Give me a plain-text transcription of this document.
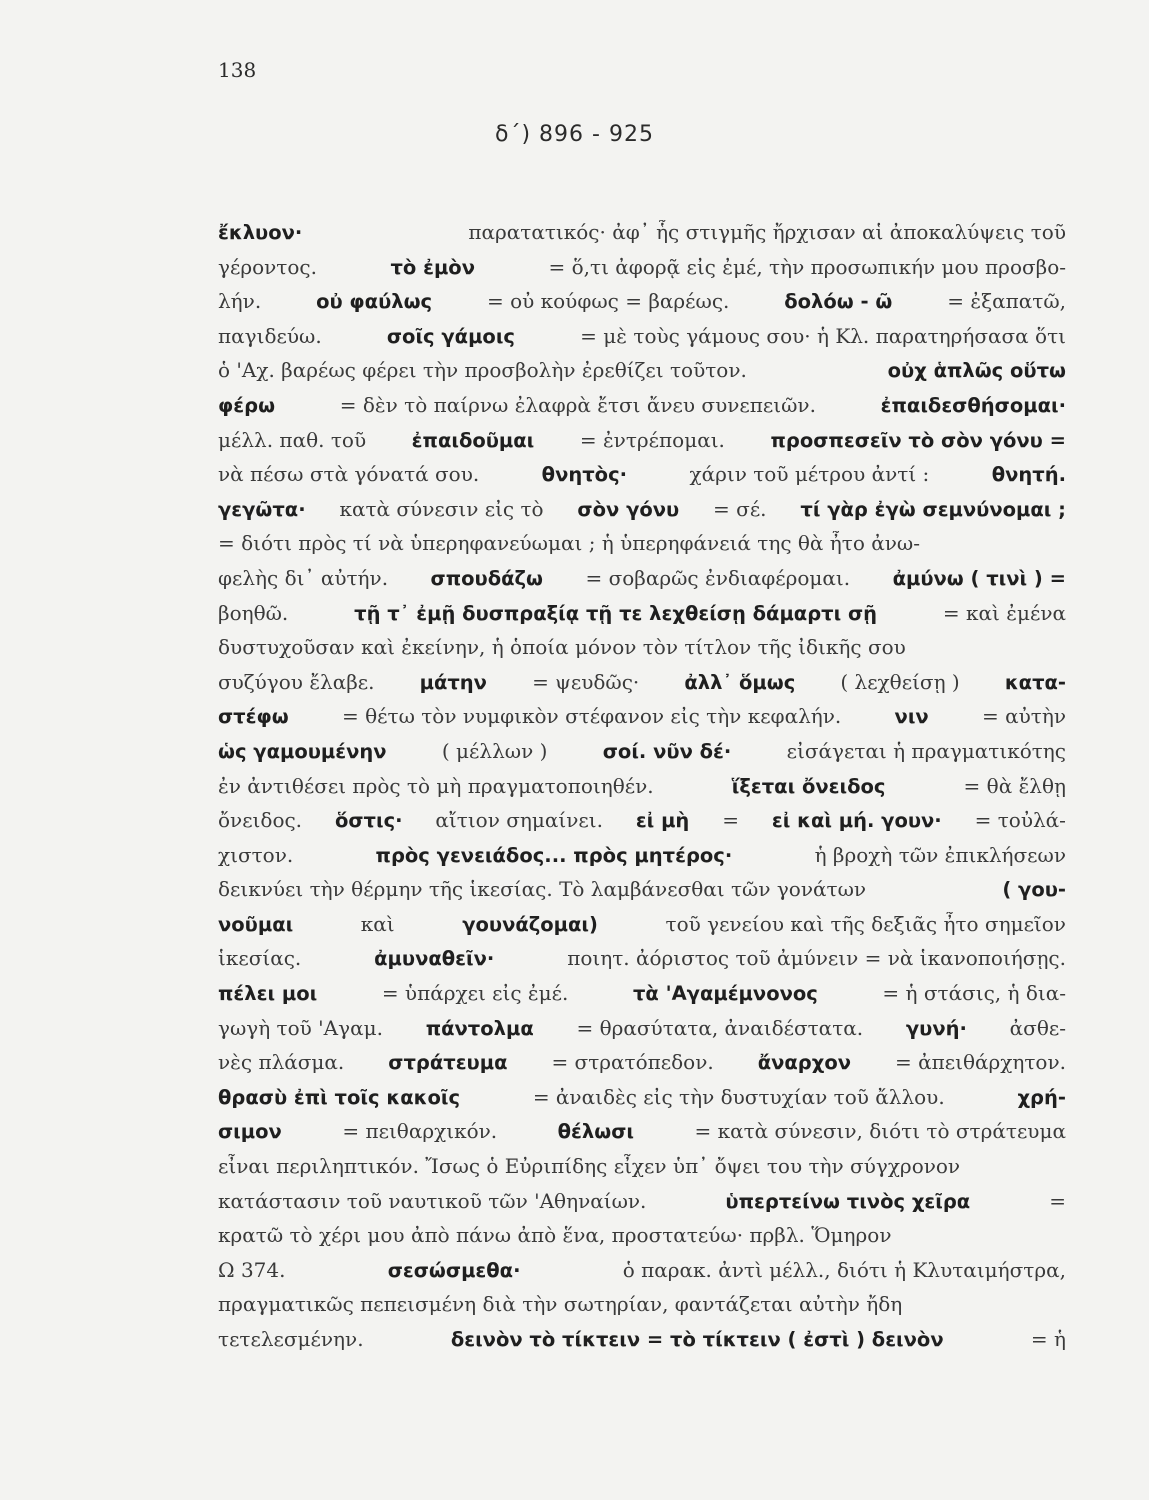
138
δ΄) 896 - 925
ἔκλυον·	παρατατικός· ἀφ᾽ ἧς στιγμῆς ἤρχισαν αἱ ἀποκαλύψεις τοῦ
γέροντος.	τὸ ἐμὸν	= ὅ,τι ἀφορᾷ εἰς ἐμέ, τὴν προσωπικήν μου προσβο-
λήν.	οὐ φαύλως	= οὐ κούφως = βαρέως.	δολόω - ῶ	= ἐξαπατῶ,
παγιδεύω.	σοῖς γάμοις	= μὲ τοὺς γάμους σου· ἡ Κλ. παρατηρήσασα ὅτι
ὁ 'Αχ. βαρέως φέρει τὴν προσβολὴν ἐρεθίζει τοῦτον.	οὐχ ἁπλῶς οὕτω
φέρω	= δὲν τὸ παίρνω ἐλαφρὰ ἔτσι ἄνευ συνεπειῶν.	ἐπαιδεσθήσομαι·
μέλλ. παθ. τοῦ ἐπαιδοῦμαι = ἐντρέπομαι. προσπεσεῖν τὸ σὸν γόνυ =
νὰ πέσω στὰ γόνατά σου.	θνητὸς·	χάριν τοῦ μέτρου ἀντί :	θνητή.
γεγῶτα· κατὰ σύνεσιν εἰς τὸ σὸν γόνυ = σέ. τί γὰρ ἐγὼ σεμνύνομαι ;
= διότι πρὸς τί νὰ ὑπερηφανεύωμαι ; ἡ ὑπερηφάνειά της θὰ ἦτο ἀνω-
φελὴς δι᾽ αὐτήν. σπουδάζω = σοβαρῶς ἐνδιαφέρομαι. ἀμύνω ( τινὶ ) =
βοηθῶ.	τῇ τ᾽ ἐμῇ δυσπραξίᾳ τῇ τε λεχθείσῃ δάμαρτι σῇ	= καὶ ἐμένα
δυστυχοῦσαν καὶ ἐκείνην, ἡ ὁποία μόνον τὸν τίτλον τῆς ἰδικῆς σου
συζύγου ἔλαβε. μάτην = ψευδῶς· ἀλλ᾽ ὅμως ( λεχθείσῃ ) κατα-
στέφω	= θέτω τὸν νυμφικὸν στέφανον εἰς τὴν κεφαλήν.	νιν	= αὐτὴν
ὡς γαμουμένην	( μέλλων )	σοί. νῦν δέ·	εἰσάγεται ἡ πραγματικότης
ἐν ἀντιθέσει πρὸς τὸ μὴ πραγματοποιηθέν.	ἵξεται ὄνειδος	= θὰ ἔλθῃ
ὄνειδος. ὅστις· αἴτιον σημαίνει. εἰ μὴ = εἰ καὶ μή. γουν· = τοὐλά-
χιστον.	πρὸς γενειάδος... πρὸς μητέρος·	ἡ βροχὴ τῶν ἐπικλήσεων
δεικνύει τὴν θέρμην τῆς ἱκεσίας. Τὸ λαμβάνεσθαι τῶν γονάτων	( γου-
νοῦμαι	καὶ	γουνάζομαι)	τοῦ γενείου καὶ τῆς δεξιᾶς ἦτο σημεῖον
ἱκεσίας.	ἀμυναθεῖν·	ποιητ. ἀόριστος τοῦ ἀμύνειν = νὰ ἱκανοποιήσῃς.
πέλει μοι	= ὑπάρχει εἰς ἐμέ.	τὰ 'Αγαμέμνονος	= ἡ στάσις, ἡ δια-
γωγὴ τοῦ 'Αγαμ. πάντολμα = θρασύτατα, ἀναιδέστατα. γυνή· ἀσθε-
νὲς πλάσμα. στράτευμα = στρατόπεδον. ἄναρχον = ἀπειθάρχητον.
θρασὺ ἐπὶ τοῖς κακοῖς	= ἀναιδὲς εἰς τὴν δυστυχίαν τοῦ ἄλλου.	χρή-
σιμον	= πειθαρχικόν.	θέλωσι	= κατὰ σύνεσιν, διότι τὸ στράτευμα
εἶναι περιληπτικόν. Ἴσως ὁ Εὐριπίδης εἶχεν ὑπ᾽ ὄψει του τὴν σύγχρονον
κατάστασιν τοῦ ναυτικοῦ τῶν 'Αθηναίων.	ὑπερτείνω τινὸς χεῖρα	=
κρατῶ τὸ χέρι μου ἀπὸ πάνω ἀπὸ ἕνα, προστατεύω· πρβλ. Ὅμηρον
Ω 374.	σεσώσμεθα·	ὁ παρακ. ἀντὶ μέλλ., διότι ἡ Κλυταιμήστρα,
πραγματικῶς πεπεισμένη διὰ τὴν σωτηρίαν, φαντάζεται αὐτὴν ἤδη
τετελεσμένην.	δεινὸν τὸ τίκτειν = τὸ τίκτειν ( ἐστὶ ) δεινὸν	= ἡ
